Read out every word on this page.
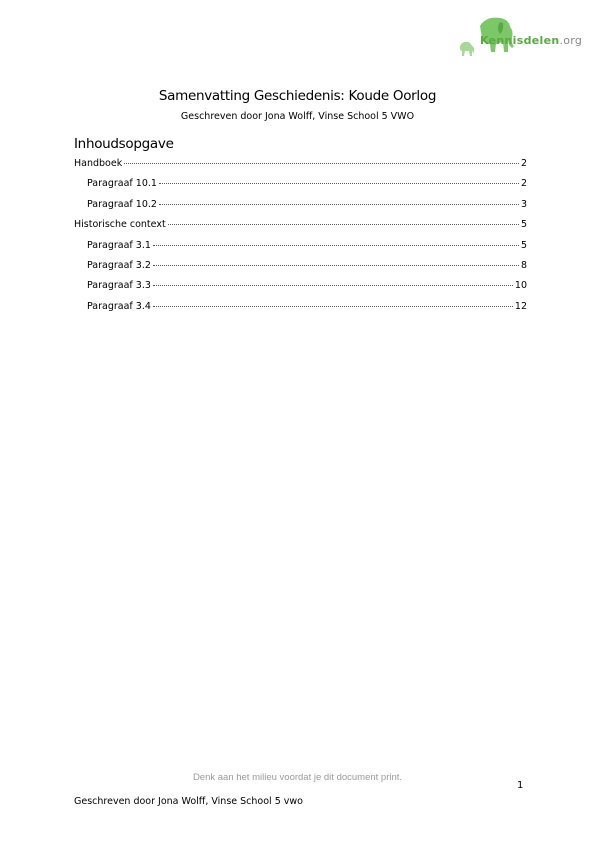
Kennisdelen.org
Samenvatting Geschiedenis: Koude Oorlog
Geschreven door Jona Wolff, Vinse School 5 VWO
Inhoudsopgave
Handboek	2
Paragraaf 10.1	2
Paragraaf 10.2	3
Historische context	5
Paragraaf 3.1	5
Paragraaf 3.2	8
Paragraaf 3.3	10
Paragraaf 3.4	12
Denk aan het milieu voordat je dit document print.
1
Geschreven door Jona Wolff, Vinse School 5 vwo
